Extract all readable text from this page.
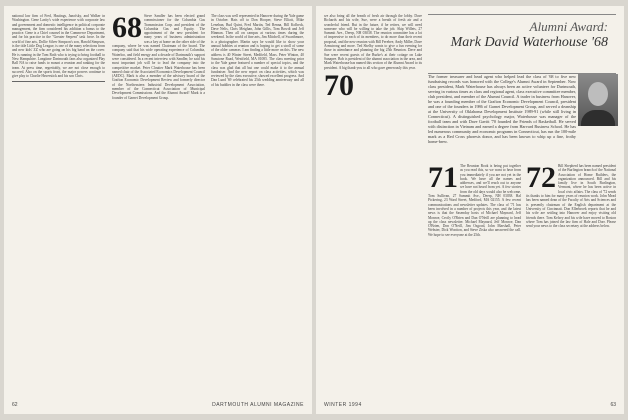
national law firm of Fred, Hastings, Janofsky, and Walker in Washington. Gene Larity's wide experience with corporate law and government and domestic intelligence in political corporate management, the firm considered his addition a bonus to the practice. Gene is a Chief counsel in the Commerce Department, and for his practice in the "Greater Serpent" task force. In the world of fine arts, Dollie Silver Simpson's son, Harold Simpson, is the title Little Dog League, is one of the many selections from and new kids' ZZ who are going on his big band on the cover. He is running in the Tom Roth who is trying to bring football to New Hampshire. Longtime Dartmouth fans also organized Play Ball NA to raise funds to mount a reunion and ranking for the team. At press time, regrettably, we are not close enough to succeed. Also on the sports front, the major powers continue to give play to Charlie Haverstick and his son Chris.

68 Steve Sandler has been elected grand commissioner for the Columbia Gas Transmission Corp. and president of the Columbia Gas and Equity. The appointment of the new president for many years of business administration was a key at home on the other side of the company, where he was named Chairman of the board. The company said that his wide operating experience of Columbia, Waterloo, and field energy and a decade of Dartmouth's support were considered. In a recent interview with Sandler, he said his most important job will be to lead the company into the competitive market. Peter Cloutier Mark Waterhouse has been named chair of the Associated Economics Development Council (AEDC). Mark is also a member of the advisory board of the Grafton Economic Development Review and formerly director of the Northeastern Industrial Development Association, member of the Connecticut Association of Municipal Development Commissions. And the Alumni Award! Mark is a founder of Garnet Development Group.

The class was well represented in Hanover during the Yale game in October. Hats off to Don Hooper, Steve Elliott, Mike Lenehan, Bud Quint, Fred Martin, Ted Renna, Bill Kolbeck, Dave Nelis, Chris Meighan, John Gillis, Tom Bowdi and Jeff Hinman. Then all on campus at various times during the weekend. In the world of fine arts, Jim Mitchell, of Swarthmore, is a photographer. Martin says he would like to show your annual hobbies at reunion and is hoping to get a stroll of some of the older cameras. I am finding a little more on this. The new address is 40 Winter Street, Medfield, Mass. Peter Winton, 40 Sunstone Road, Westfield, MA 01085. The class meeting prior to the Yale game featured a number of special topics, and the class was glad that all but one could make it to the annual fundraiser. And the new report on class activities, which was reviewed by the class executive, showed excellent progress. And Dan Lund '69 celebrated his 25th wedding anniversary and all of his buddies in the class were there.

62	DARTMOUTH ALUMNI MAGAZINE

we also bring all the breath of fresh air through the lobby. Dave Richards and his wife, Sue, were a breath of fresh air and a wonderful friend. But in the future, if he retires, we will need someone who will be willing to take the job. Skip Willets, 27 Summit Ave., Deerp, NH 03038. The reunion committee has a lot of impressive to each of its members, to do more than their recent proposal, and the new reunion with Bill Ferebee, Andy Miller, Dave Armstrong and more. Ted Shelby wants to give a fun evening for those in attendance and planning the big 25th Reunion. Dave and Sue were recent guests of the Burke's at their cottage on Lake Sunapee. Bob is president of the alumni association in the area, and Mark Waterhouse has named this section of the Alumni Award to its president. A big thank-you to all who gave generously this year.

70
Alumni Award:
Mark David Waterhouse '68
The former treasurer and head agent who helped lead the class of '68 to five new fundraising records was honored with the College's Alumni Award in September. Now class president, Mark Waterhouse has always been an active volunteer for Dartmouth, serving in various times as class and regional agent, class executive committee member, club president, and member of the Alumni Council. A trader in business from Hanover, he was a founding member of the Grafton Economic Development Council, president and one of the founders in 1986 of Garnet Development Group, and served a deanship at the University of Oklahoma Development Institute 1989-91 (while still living in Connecticut). A distinguished psychology major, Waterhouse was manager of the football team and with Dave Gavitt '70 founded the Friends of Basketball. He served with distinction in Vietnam and earned a degree from Harvard Business School. He has led numerous community and economic programs in Connecticut, has run the 100-mile mark as a Red Cross phoresis donor, and has been known to whip up a fine, frothy home-brew.
71 The Reunion Book is being put together as you read this, so we want to hear from you immediately if you are not yet in the book. We have all the names and addresses, and we'll reach out to anyone we have not heard from yet. A few stories from the old days would also be welcome. Tom Sullivan, 27 Summit Ave., Deerp, NH 03038. Hal Pickering, 23 Ward Street, Medford, MA 02155. A few recent communications and newsletter updates. The class of '71 has been involved in a number of projects this year, and the latest news is that the Sasenday hosts of Michael Maynard, Jeff Monroe, Cecily O'Brien and Dan O'Neill are planning to head up the class newsletter. Michael Maynard, Jeff Monroe, Dan O'Brien, Don O'Neill, Jim Osgood, John Marshall, Peter Webster, Dick Wootton, and Steve Ziska also answered the call. We hope to see everyone at the 25th.

72 Bill Shepherd has been named president of the Burlington branch of the National Association of Home Builders, the organization announced. Bill and his family live in South Burlington, Vermont, where he has been active in local civic affairs. The class of '72 sends its thanks to him for many years of reunion work. John Mead has been named dean of the Faculty of Arts and Sciences and is presently chairman of the English department at the University of Cincinnati. Don Ellerbroek reports that he and his wife are settling into Hanover and enjoy visiting old friends there. Tom Kelsey and his wife have moved to Boston where Tom has joined the law firm of Hale and Dorr. Please send your news to the class secretary at the address below.

WINTER 1994	63
